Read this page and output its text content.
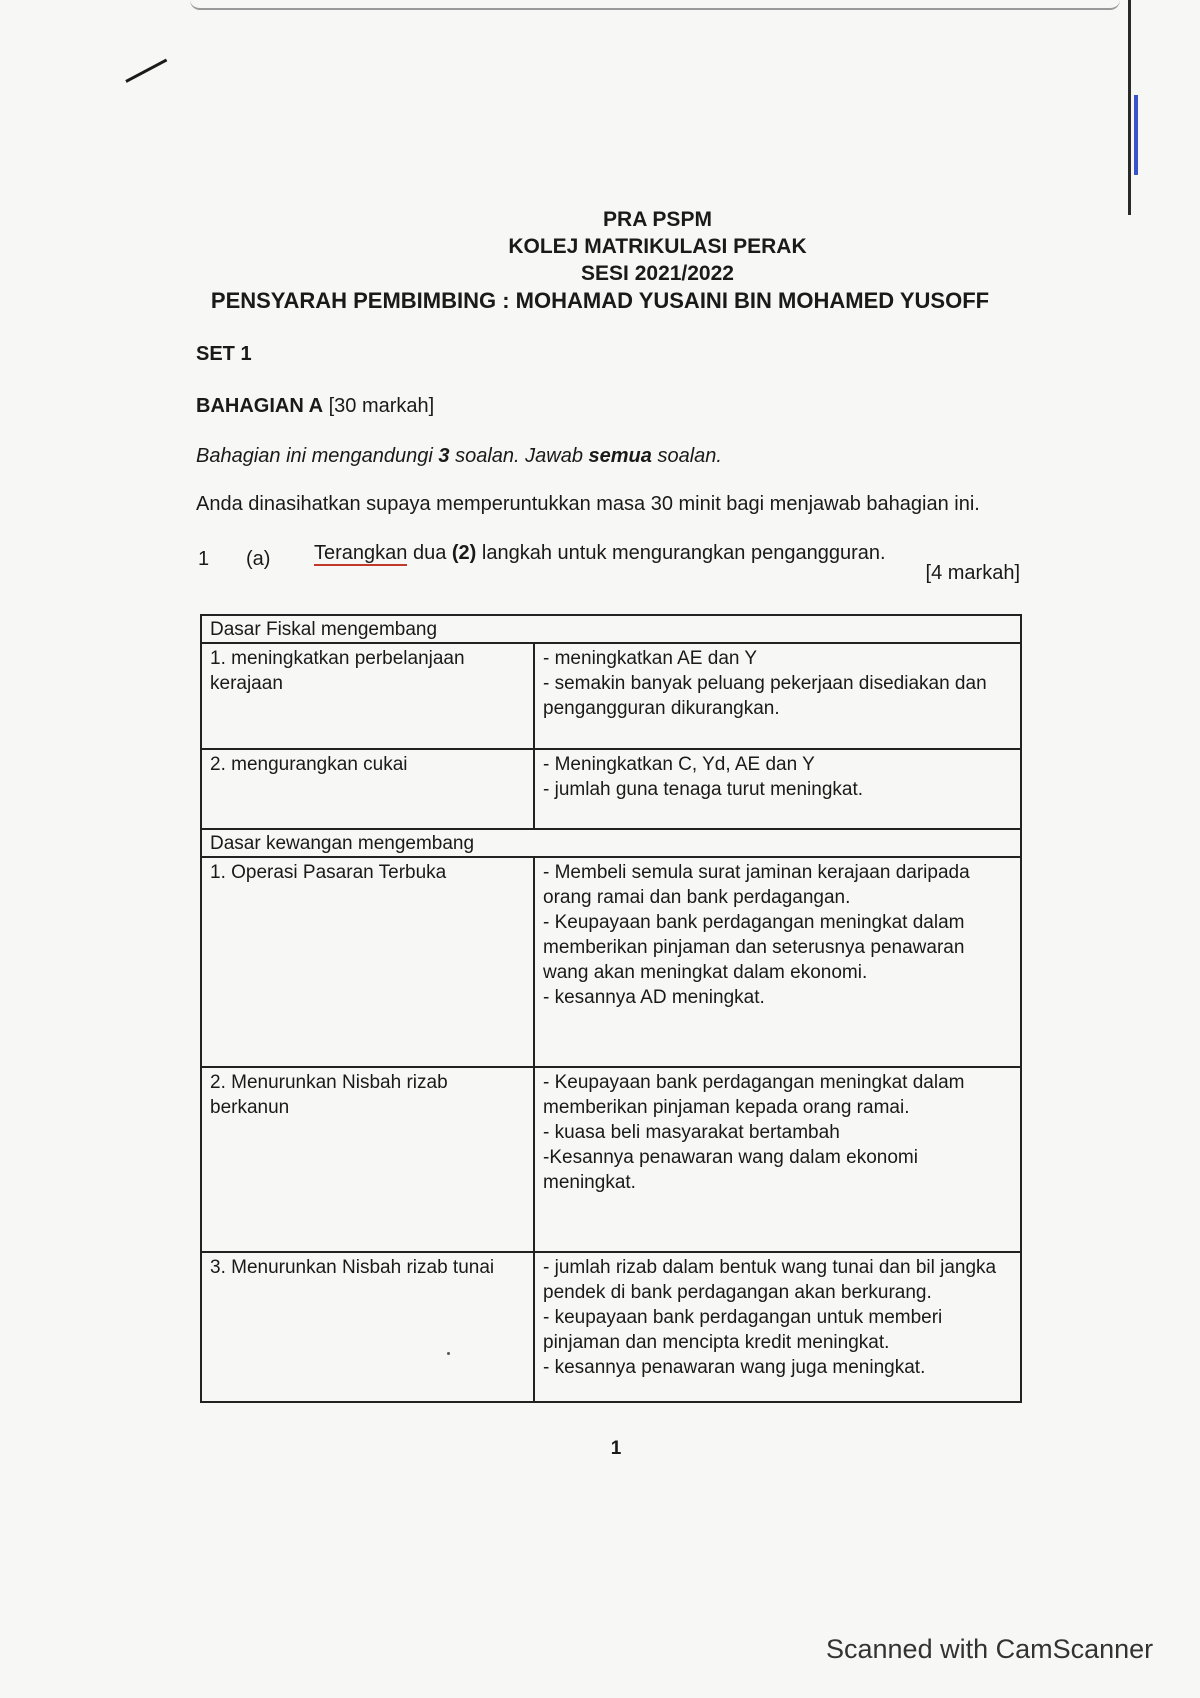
PRA PSPM
KOLEJ MATRIKULASI PERAK
SESI 2021/2022
PENSYARAH PEMBIMBING : MOHAMAD YUSAINI BIN MOHAMED YUSOFF
SET 1
BAHAGIAN A [30 markah]
Bahagian ini mengandungi 3 soalan. Jawab semua soalan.
Anda dinasihatkan supaya memperuntukkan masa 30 minit bagi menjawab bahagian ini.
1 (a) Terangkan dua (2) langkah untuk mengurangkan pengangguran.
[4 markah]
Dasar Fiskal mengembang	
1. meningkatkan perbelanjaan kerajaan	- meningkatkan AE dan Y
- semakin banyak peluang pekerjaan disediakan dan pengangguran dikurangkan.

2. mengurangkan cukai	- Meningkatkan C, Yd, AE dan Y
- jumlah guna tenaga turut meningkat.

Dasar kewangan mengembang	
1. Operasi Pasaran Terbuka	- Membeli semula surat jaminan kerajaan daripada orang ramai dan bank perdagangan.
- Keupayaan bank perdagangan meningkat dalam memberikan pinjaman dan seterusnya penawaran wang akan meningkat dalam ekonomi.
- kesannya AD meningkat.

2. Menurunkan Nisbah rizab berkanun	- Keupayaan bank perdagangan meningkat dalam memberikan pinjaman kepada orang ramai.
- kuasa beli masyarakat bertambah
-Kesannya penawaran wang dalam ekonomi meningkat.

3. Menurunkan Nisbah rizab tunai	- jumlah rizab dalam bentuk wang tunai dan bil jangka pendek di bank perdagangan akan berkurang.
- keupayaan bank perdagangan untuk memberi pinjaman dan mencipta kredit meningkat.
- kesannya penawaran wang juga meningkat.
1
Scanned with CamScanner
